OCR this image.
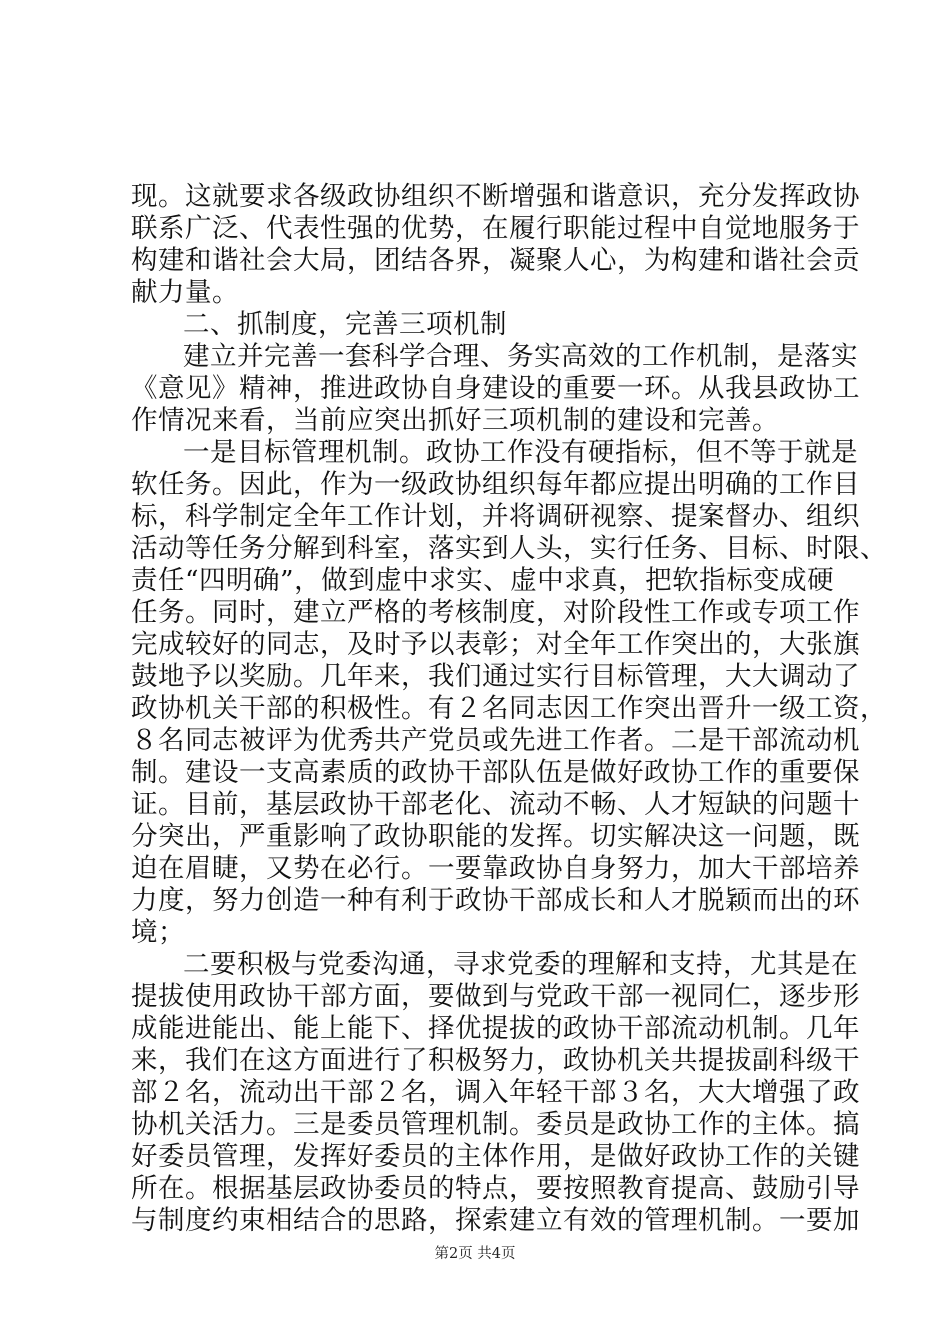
现。这就要求各级政协组织不断增强和谐意识，充分发挥政协
联系广泛、代表性强的优势，在履行职能过程中自觉地服务于
构建和谐社会大局，团结各界，凝聚人心，为构建和谐社会贡
献力量。
二、抓制度，完善三项机制
建立并完善一套科学合理、务实高效的工作机制，是落实
《意见》精神，推进政协自身建设的重要一环。从我县政协工
作情况来看，当前应突出抓好三项机制的建设和完善。
一是目标管理机制。政协工作没有硬指标，但不等于就是
软任务。因此，作为一级政协组织每年都应提出明确的工作目
标，科学制定全年工作计划，并将调研视察、提案督办、组织
活动等任务分解到科室，落实到人头，实行任务、目标、时限、
责任“四明确”，做到虚中求实、虚中求真，把软指标变成硬
任务。同时，建立严格的考核制度，对阶段性工作或专项工作
完成较好的同志，及时予以表彰；对全年工作突出的，大张旗
鼓地予以奖励。几年来，我们通过实行目标管理，大大调动了
政协机关干部的积极性。有２名同志因工作突出晋升一级工资，
８名同志被评为优秀共产党员或先进工作者。二是干部流动机
制。建设一支高素质的政协干部队伍是做好政协工作的重要保
证。目前，基层政协干部老化、流动不畅、人才短缺的问题十
分突出，严重影响了政协职能的发挥。切实解决这一问题，既
迫在眉睫，又势在必行。一要靠政协自身努力，加大干部培养
力度，努力创造一种有利于政协干部成长和人才脱颖而出的环
境；
二要积极与党委沟通，寻求党委的理解和支持，尤其是在
提拔使用政协干部方面，要做到与党政干部一视同仁，逐步形
成能进能出、能上能下、择优提拔的政协干部流动机制。几年
来，我们在这方面进行了积极努力，政协机关共提拔副科级干
部２名，流动出干部２名，调入年轻干部３名，大大增强了政
协机关活力。三是委员管理机制。委员是政协工作的主体。搞
好委员管理，发挥好委员的主体作用，是做好政协工作的关键
所在。根据基层政协委员的特点，要按照教育提高、鼓励引导
与制度约束相结合的思路，探索建立有效的管理机制。一要加
第2页 共4页
